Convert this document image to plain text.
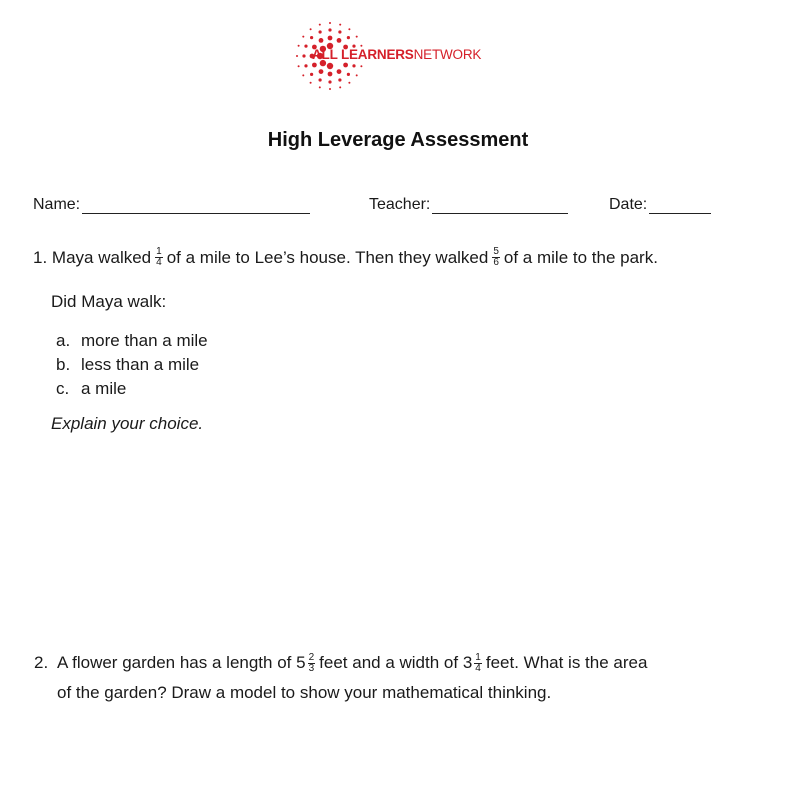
ALL LEARNERSNETWORK
High Leverage Assessment
Name:	Teacher:	Date:
1.
Maya walked $\frac{1}{4}$ of a mile to Lee’s house. Then they walked $\frac{5}{6}$ of a mile to the park.
Did Maya walk:
a. more than a mile
b. less than a mile
c. a mile
Explain your choice.
2. A flower garden has a length of
$5 \frac{2}{3}$ feet and a width of
$3 \frac{1}{4}$ feet. What is the area
of the garden? Draw a model to show your mathematical thinking.
